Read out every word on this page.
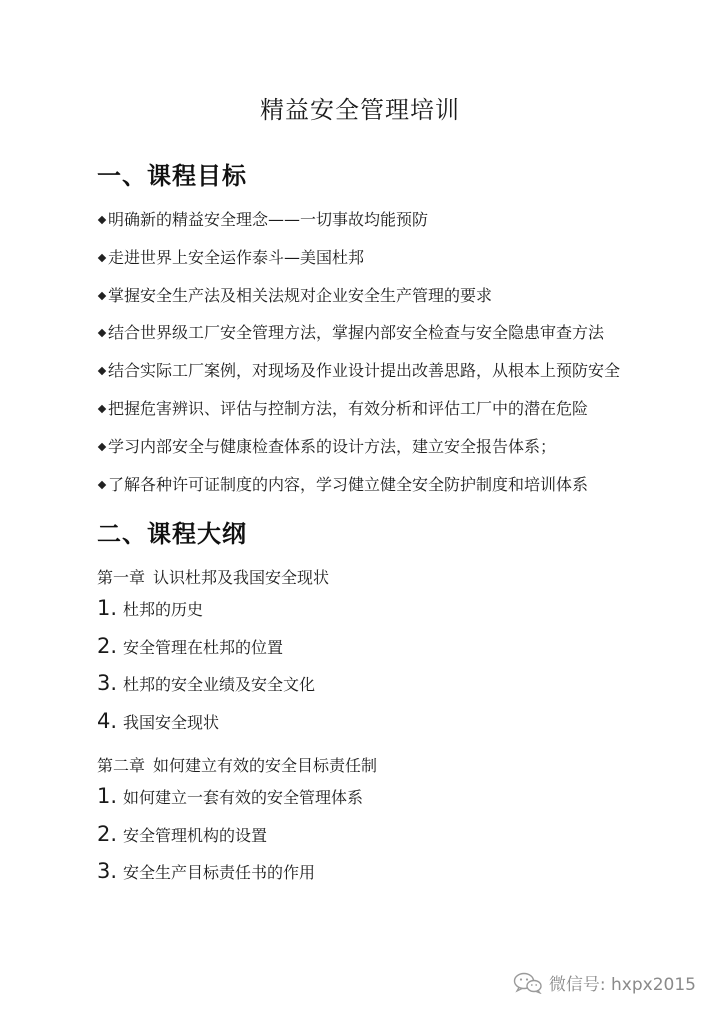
精益安全管理培训
一、课程目标
明确新的精益安全理念——一切事故均能预防
走进世界上安全运作泰斗—美国杜邦
掌握安全生产法及相关法规对企业安全生产管理的要求
结合世界级工厂安全管理方法，掌握内部安全检查与安全隐患审查方法
结合实际工厂案例，对现场及作业设计提出改善思路，从根本上预防安全
把握危害辨识、评估与控制方法，有效分析和评估工厂中的潜在危险
学习内部安全与健康检查体系的设计方法，建立安全报告体系；
了解各种许可证制度的内容，学习健立健全安全防护制度和培训体系
二、课程大纲
第一章 认识杜邦及我国安全现状
1. 杜邦的历史
2. 安全管理在杜邦的位置
3. 杜邦的安全业绩及安全文化
4. 我国安全现状
第二章 如何建立有效的安全目标责任制
1. 如何建立一套有效的安全管理体系
2. 安全管理机构的设置
3. 安全生产目标责任书的作用
微信号: hxpx2015
